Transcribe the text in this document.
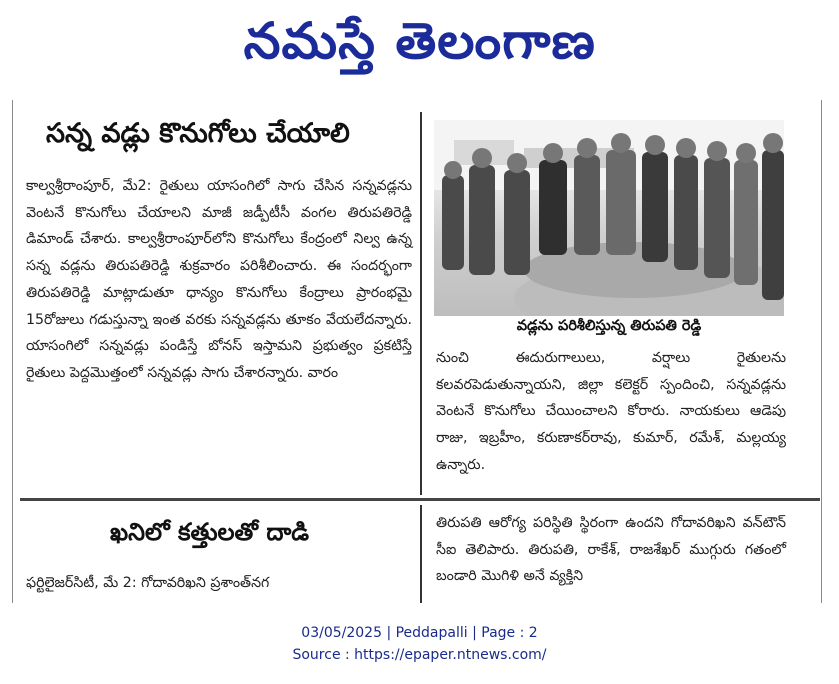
నమస్తే తెలంగాణ
సన్న వడ్లు కొనుగోలు చేయాలి

కాల్వశ్రీరాంపూర్, మే2: రైతులు యాసంగిలో సాగు చేసిన సన్నవడ్లను వెంటనే కొనుగోలు చేయాలని మాజీ జడ్పీటీసీ వంగల తిరుపతిరెడ్డి డిమాండ్ చేశారు. కాల్వశ్రీరాంపూర్‌లోని కొనుగోలు కేంద్రంలో నిల్వ ఉన్న సన్న వడ్లను తిరుపతిరెడ్డి శుక్రవారం పరిశీలించారు. ఈ సందర్భంగా తిరుపతిరెడ్డి మాట్లాడుతూ ధాన్యం కొనుగోలు కేంద్రాలు ప్రారంభమై 15రోజులు గడుస్తున్నా ఇంత వరకు సన్నవడ్లను తూకం వేయలేదన్నారు. యాసంగిలో సన్నవడ్లు పండిస్తే బోనస్ ఇస్తామని ప్రభుత్వం ప్రకటిస్తే రైతులు పెద్దమొత్తంలో సన్నవడ్లు సాగు చేశారన్నారు. వారం

వడ్లను పరిశీలిస్తున్న తిరుపతి రెడ్డి

నుంచి ఈదురుగాలులు, వర్షాలు రైతులను కలవరపెడుతున్నాయని, జిల్లా కలెక్టర్ స్పందించి, సన్నవడ్లను వెంటనే కొనుగోలు చేయించాలని కోరారు. నాయకులు ఆడెపు రాజు, ఇబ్రహీం, కరుణాకర్‌రావు, కుమార్, రమేశ్, మల్లయ్య ఉన్నారు.

ఖనిలో కత్తులతో దాడి

ఫర్టిలైజర్‌సిటీ, మే 2: గోదావరిఖని ప్రశాంత్‌నగ

తిరుపతి ఆరోగ్య పరిస్థితి స్థిరంగా ఉందని గోదావరిఖని వన్‌టౌన్ సీఐ తెలిపారు. తిరుపతి, రాకేశ్, రాజశేఖర్ ముగ్గురు గతంలో బండారి మొగిళి అనే వ్యక్తిని

03/05/2025 | Peddapalli | Page : 2
Source : https://epaper.ntnews.com/
